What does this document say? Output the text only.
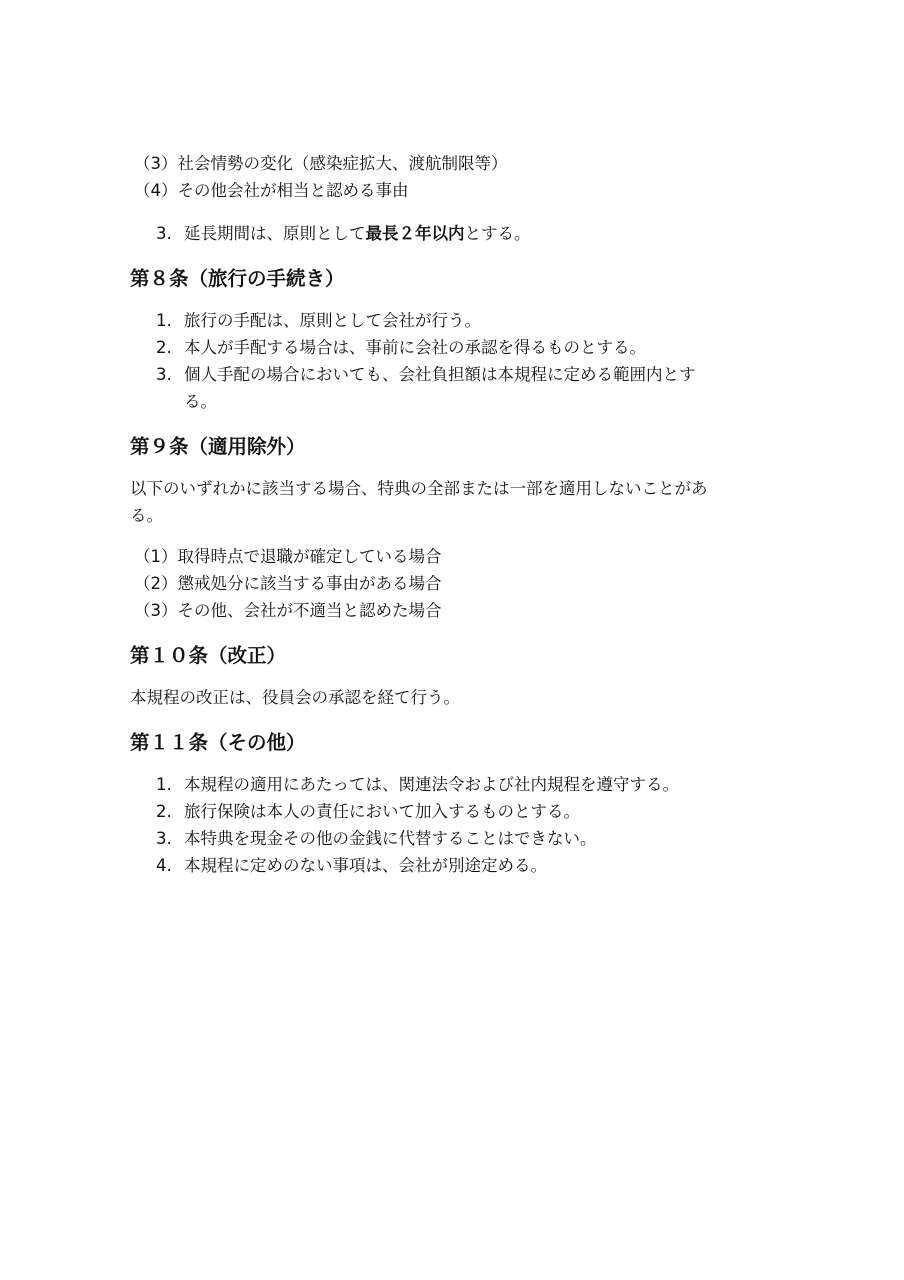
（3）社会情勢の変化（感染症拡大、渡航制限等）
（4）その他会社が相当と認める事由
3. 延長期間は、原則として最長２年以内とする。
第８条（旅行の手続き）
1. 旅行の手配は、原則として会社が行う。
2. 本人が手配する場合は、事前に会社の承認を得るものとする。
3. 個人手配の場合においても、会社負担額は本規程に定める範囲内とす
る。
第９条（適用除外）
以下のいずれかに該当する場合、特典の全部または一部を適用しないことがあ
る。
（1）取得時点で退職が確定している場合
（2）懲戒処分に該当する事由がある場合
（3）その他、会社が不適当と認めた場合
第１０条（改正）
本規程の改正は、役員会の承認を経て行う。
第１１条（その他）
1. 本規程の適用にあたっては、関連法令および社内規程を遵守する。
2. 旅行保険は本人の責任において加入するものとする。
3. 本特典を現金その他の金銭に代替することはできない。
4. 本規程に定めのない事項は、会社が別途定める。
